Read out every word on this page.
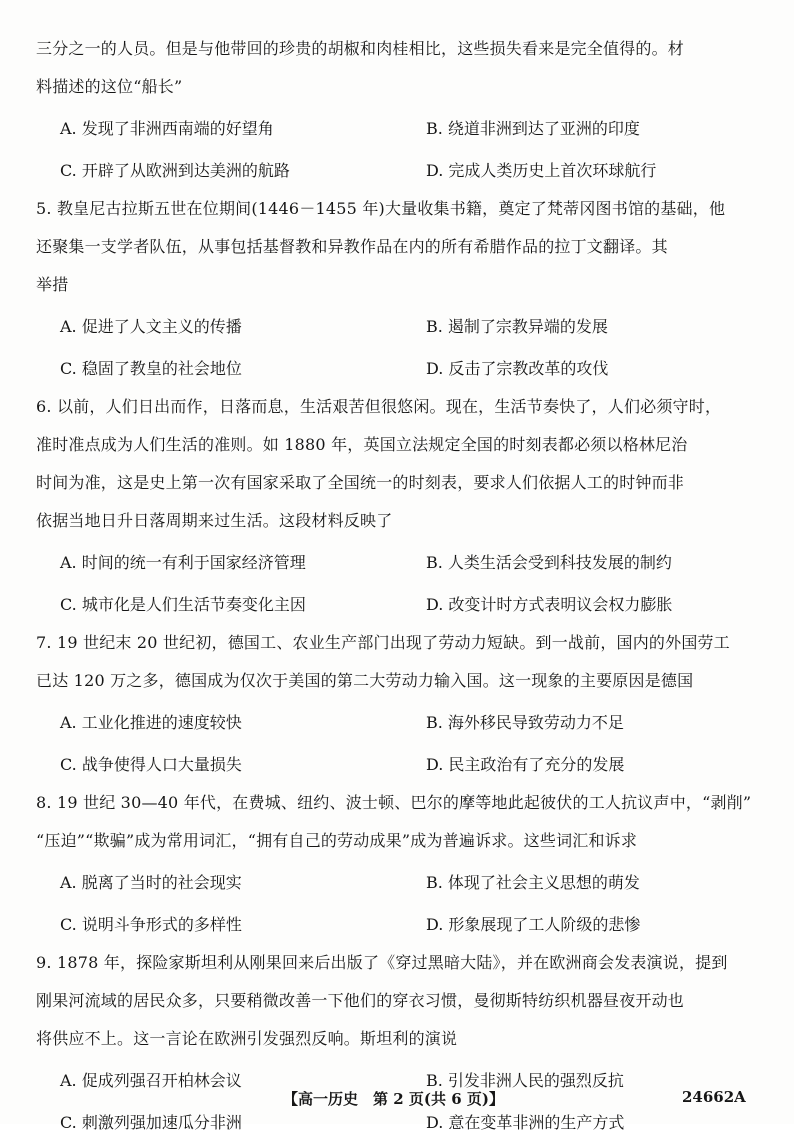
三分之一的人员。但是与他带回的珍贵的胡椒和肉桂相比，这些损失看来是完全值得的。材
料描述的这位“船长”
A. 发现了非洲西南端的好望角	B. 绕道非洲到达了亚洲的印度
C. 开辟了从欧洲到达美洲的航路	D. 完成人类历史上首次环球航行
5. 教皇尼古拉斯五世在位期间(1446－1455 年)大量收集书籍，奠定了梵蒂冈图书馆的基础，他
还聚集一支学者队伍，从事包括基督教和异教作品在内的所有希腊作品的拉丁文翻译。其
举措
A. 促进了人文主义的传播	B. 遏制了宗教异端的发展
C. 稳固了教皇的社会地位	D. 反击了宗教改革的攻伐
6. 以前，人们日出而作，日落而息，生活艰苦但很悠闲。现在，生活节奏快了，人们必须守时，
准时准点成为人们生活的准则。如 1880 年，英国立法规定全国的时刻表都必须以格林尼治
时间为准，这是史上第一次有国家采取了全国统一的时刻表，要求人们依据人工的时钟而非
依据当地日升日落周期来过生活。这段材料反映了
A. 时间的统一有利于国家经济管理	B. 人类生活会受到科技发展的制约
C. 城市化是人们生活节奏变化主因	D. 改变计时方式表明议会权力膨胀
7. 19 世纪末 20 世纪初，德国工、农业生产部门出现了劳动力短缺。到一战前，国内的外国劳工
已达 120 万之多，德国成为仅次于美国的第二大劳动力输入国。这一现象的主要原因是德国
A. 工业化推进的速度较快	B. 海外移民导致劳动力不足
C. 战争使得人口大量损失	D. 民主政治有了充分的发展
8. 19 世纪 30—40 年代，在费城、纽约、波士顿、巴尔的摩等地此起彼伏的工人抗议声中，“剥削”
“压迫”“欺骗”成为常用词汇，“拥有自己的劳动成果”成为普遍诉求。这些词汇和诉求
A. 脱离了当时的社会现实	B. 体现了社会主义思想的萌发
C. 说明斗争形式的多样性	D. 形象展现了工人阶级的悲惨
9. 1878 年，探险家斯坦利从刚果回来后出版了《穿过黑暗大陆》，并在欧洲商会发表演说，提到
刚果河流域的居民众多，只要稍微改善一下他们的穿衣习惯，曼彻斯特纺织机器昼夜开动也
将供应不上。这一言论在欧洲引发强烈反响。斯坦利的演说
A. 促成列强召开柏林会议	B. 引发非洲人民的强烈反抗
C. 刺激列强加速瓜分非洲	D. 意在变革非洲的生产方式
【高一历史　第 2 页(共 6 页)】	24662A
